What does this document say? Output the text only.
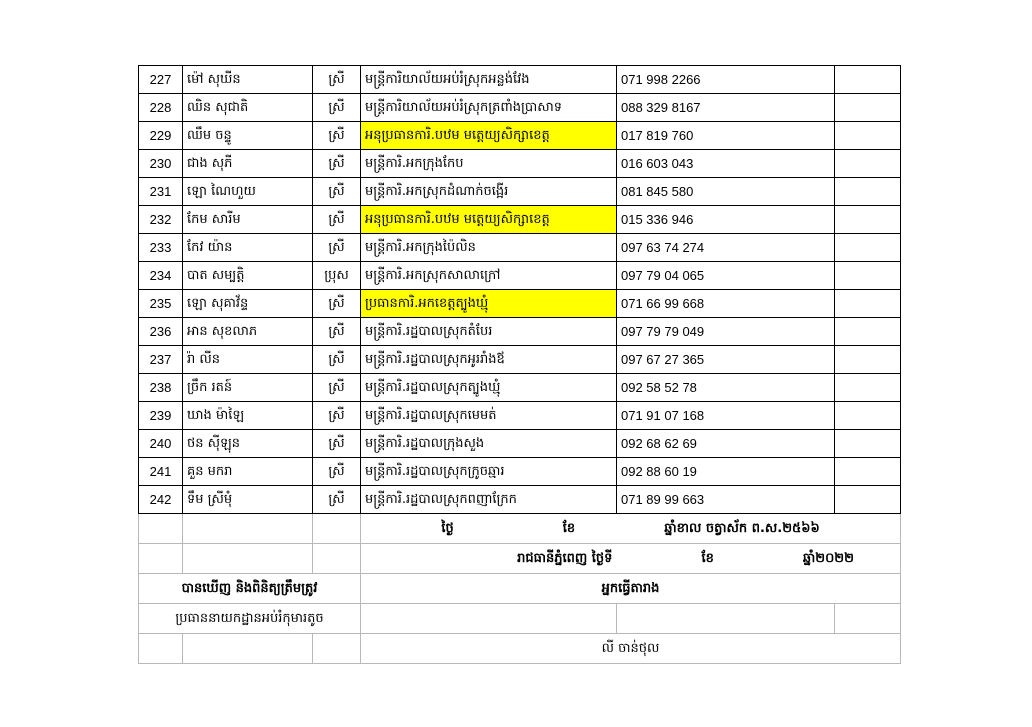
227	ម៉ៅ សុឃីន	ស្រី	មន្ត្រីការិយាល័យអប់រំស្រុកអន្លង់វែង	071 998 2266	
228	ឈិន សុជាតិ	ស្រី	មន្ត្រីការិយាល័យអប់រំស្រុកត្រពាំងប្រាសាទ	088 329 8167	
229	ឈឹម ចន្ទូ	ស្រី	អនុប្រធានការិ.បឋម មត្តេយ្យសិក្សាខេត្ត	017 819 760	
230	ជាង សុភី	ស្រី	មន្ត្រីការិ.អកក្រុងកែប	016 603 043	
231	ឡោ ណៃហួយ	ស្រី	មន្ត្រីការិ.អកស្រុកដំណាក់ចង្អើរ	081 845 580	
232	កែម សារីម	ស្រី	អនុប្រធានការិ.បឋម មត្តេយ្យសិក្សាខេត្ត	015 336 946	
233	កែវ យ៉ាន	ស្រី	មន្ត្រីការិ.អកក្រុងប៉ៃលិន	097 63 74 274	
234	បាត សម្បត្តិ	ប្រុស	មន្ត្រីការិ.អកស្រុកសាលាក្រៅ	097 79 04 065	
235	ឡោ សុគាវ័ន្ទ	ស្រី	ប្រធានការិ.អកខេត្តត្បូងឃ្មុំ	071 66 99 668	
236	អាន សុខលាភ	ស្រី	មន្ត្រីការិ.រដ្ឋបាលស្រុកតំបែរ	097 79 79 049	
237	រ៉ា លីន	ស្រី	មន្ត្រីការិ.រដ្ឋបាលស្រុកអូររាំងឪ	097 67 27 365	
238	ច្រឹក រតន៍	ស្រី	មន្ត្រីការិ.រដ្ឋបាលស្រុកត្បូងឃ្មុំ	092 58 52 78	
239	ឃាង ម៉ាឡៃ	ស្រី	មន្ត្រីការិ.រដ្ឋបាលស្រុកមេមត់	071 91 07 168	
240	ថន ស៊ីឡុន	ស្រី	មន្ត្រីការិ.រដ្ឋបាលក្រុងសួង	092 68 62 69	
241	គួន មករា	ស្រី	មន្ត្រីការិ.រដ្ឋបាលស្រុកក្រូចឆ្មារ	092 88 60 19	
242	ទឹម ស្រីមុំ	ស្រី	មន្ត្រីការិ.រដ្ឋបាលស្រុកពញាក្រែក	071 89 99 663	
			ថ្ងៃ ខែ ឆ្នាំខាល ចត្វាស័ក ព.ស.២៥៦៦		
			រាជធានីភ្នំពេញ ថ្ងៃទី ខែ ឆ្នាំ២០២២		
បានឃើញ និងពិនិត្យត្រឹមត្រូវ			អ្នកធ្វើតារាង		
ប្រធាននាយកដ្ឋានអប់រំកុមារតូច					
			លី ចាន់ថុល		
